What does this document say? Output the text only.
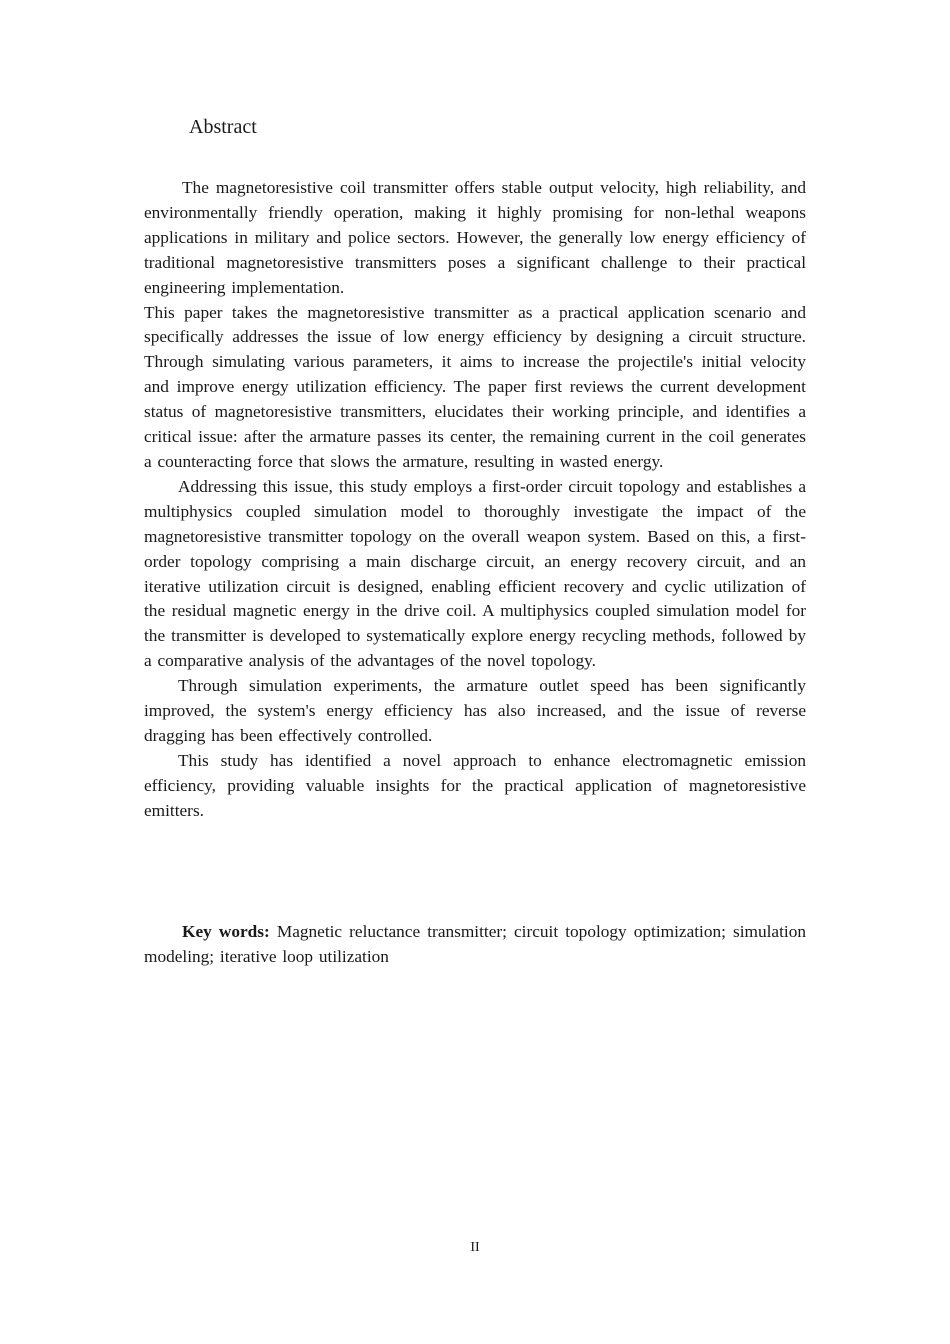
Abstract

The magnetoresistive coil transmitter offers stable output velocity, high reliability, and environmentally friendly operation, making it highly promising for non-lethal weapons applications in military and police sectors. However, the generally low energy efficiency of traditional magnetoresistive transmitters poses a significant challenge to their practical engineering implementation.

This paper takes the magnetoresistive transmitter as a practical application scenario and specifically addresses the issue of low energy efficiency by designing a circuit structure. Through simulating various parameters, it aims to increase the projectile's initial velocity and improve energy utilization efficiency. The paper first reviews the current development status of magnetoresistive transmitters, elucidates their working principle, and identifies a critical issue: after the armature passes its center, the remaining current in the coil generates a counteracting force that slows the armature, resulting in wasted energy.

Addressing this issue, this study employs a first-order circuit topology and establishes a multiphysics coupled simulation model to thoroughly investigate the impact of the magnetoresistive transmitter topology on the overall weapon system. Based on this, a first-order topology comprising a main discharge circuit, an energy recovery circuit, and an iterative utilization circuit is designed, enabling efficient recovery and cyclic utilization of the residual magnetic energy in the drive coil. A multiphysics coupled simulation model for the transmitter is developed to systematically explore energy recycling methods, followed by a comparative analysis of the advantages of the novel topology.

Through simulation experiments, the armature outlet speed has been significantly improved, the system's energy efficiency has also increased, and the issue of reverse dragging has been effectively controlled.

This study has identified a novel approach to enhance electromagnetic emission efficiency, providing valuable insights for the practical application of magnetoresistive emitters.

Key words: Magnetic reluctance transmitter; circuit topology optimization; simulation modeling; iterative loop utilization

II
